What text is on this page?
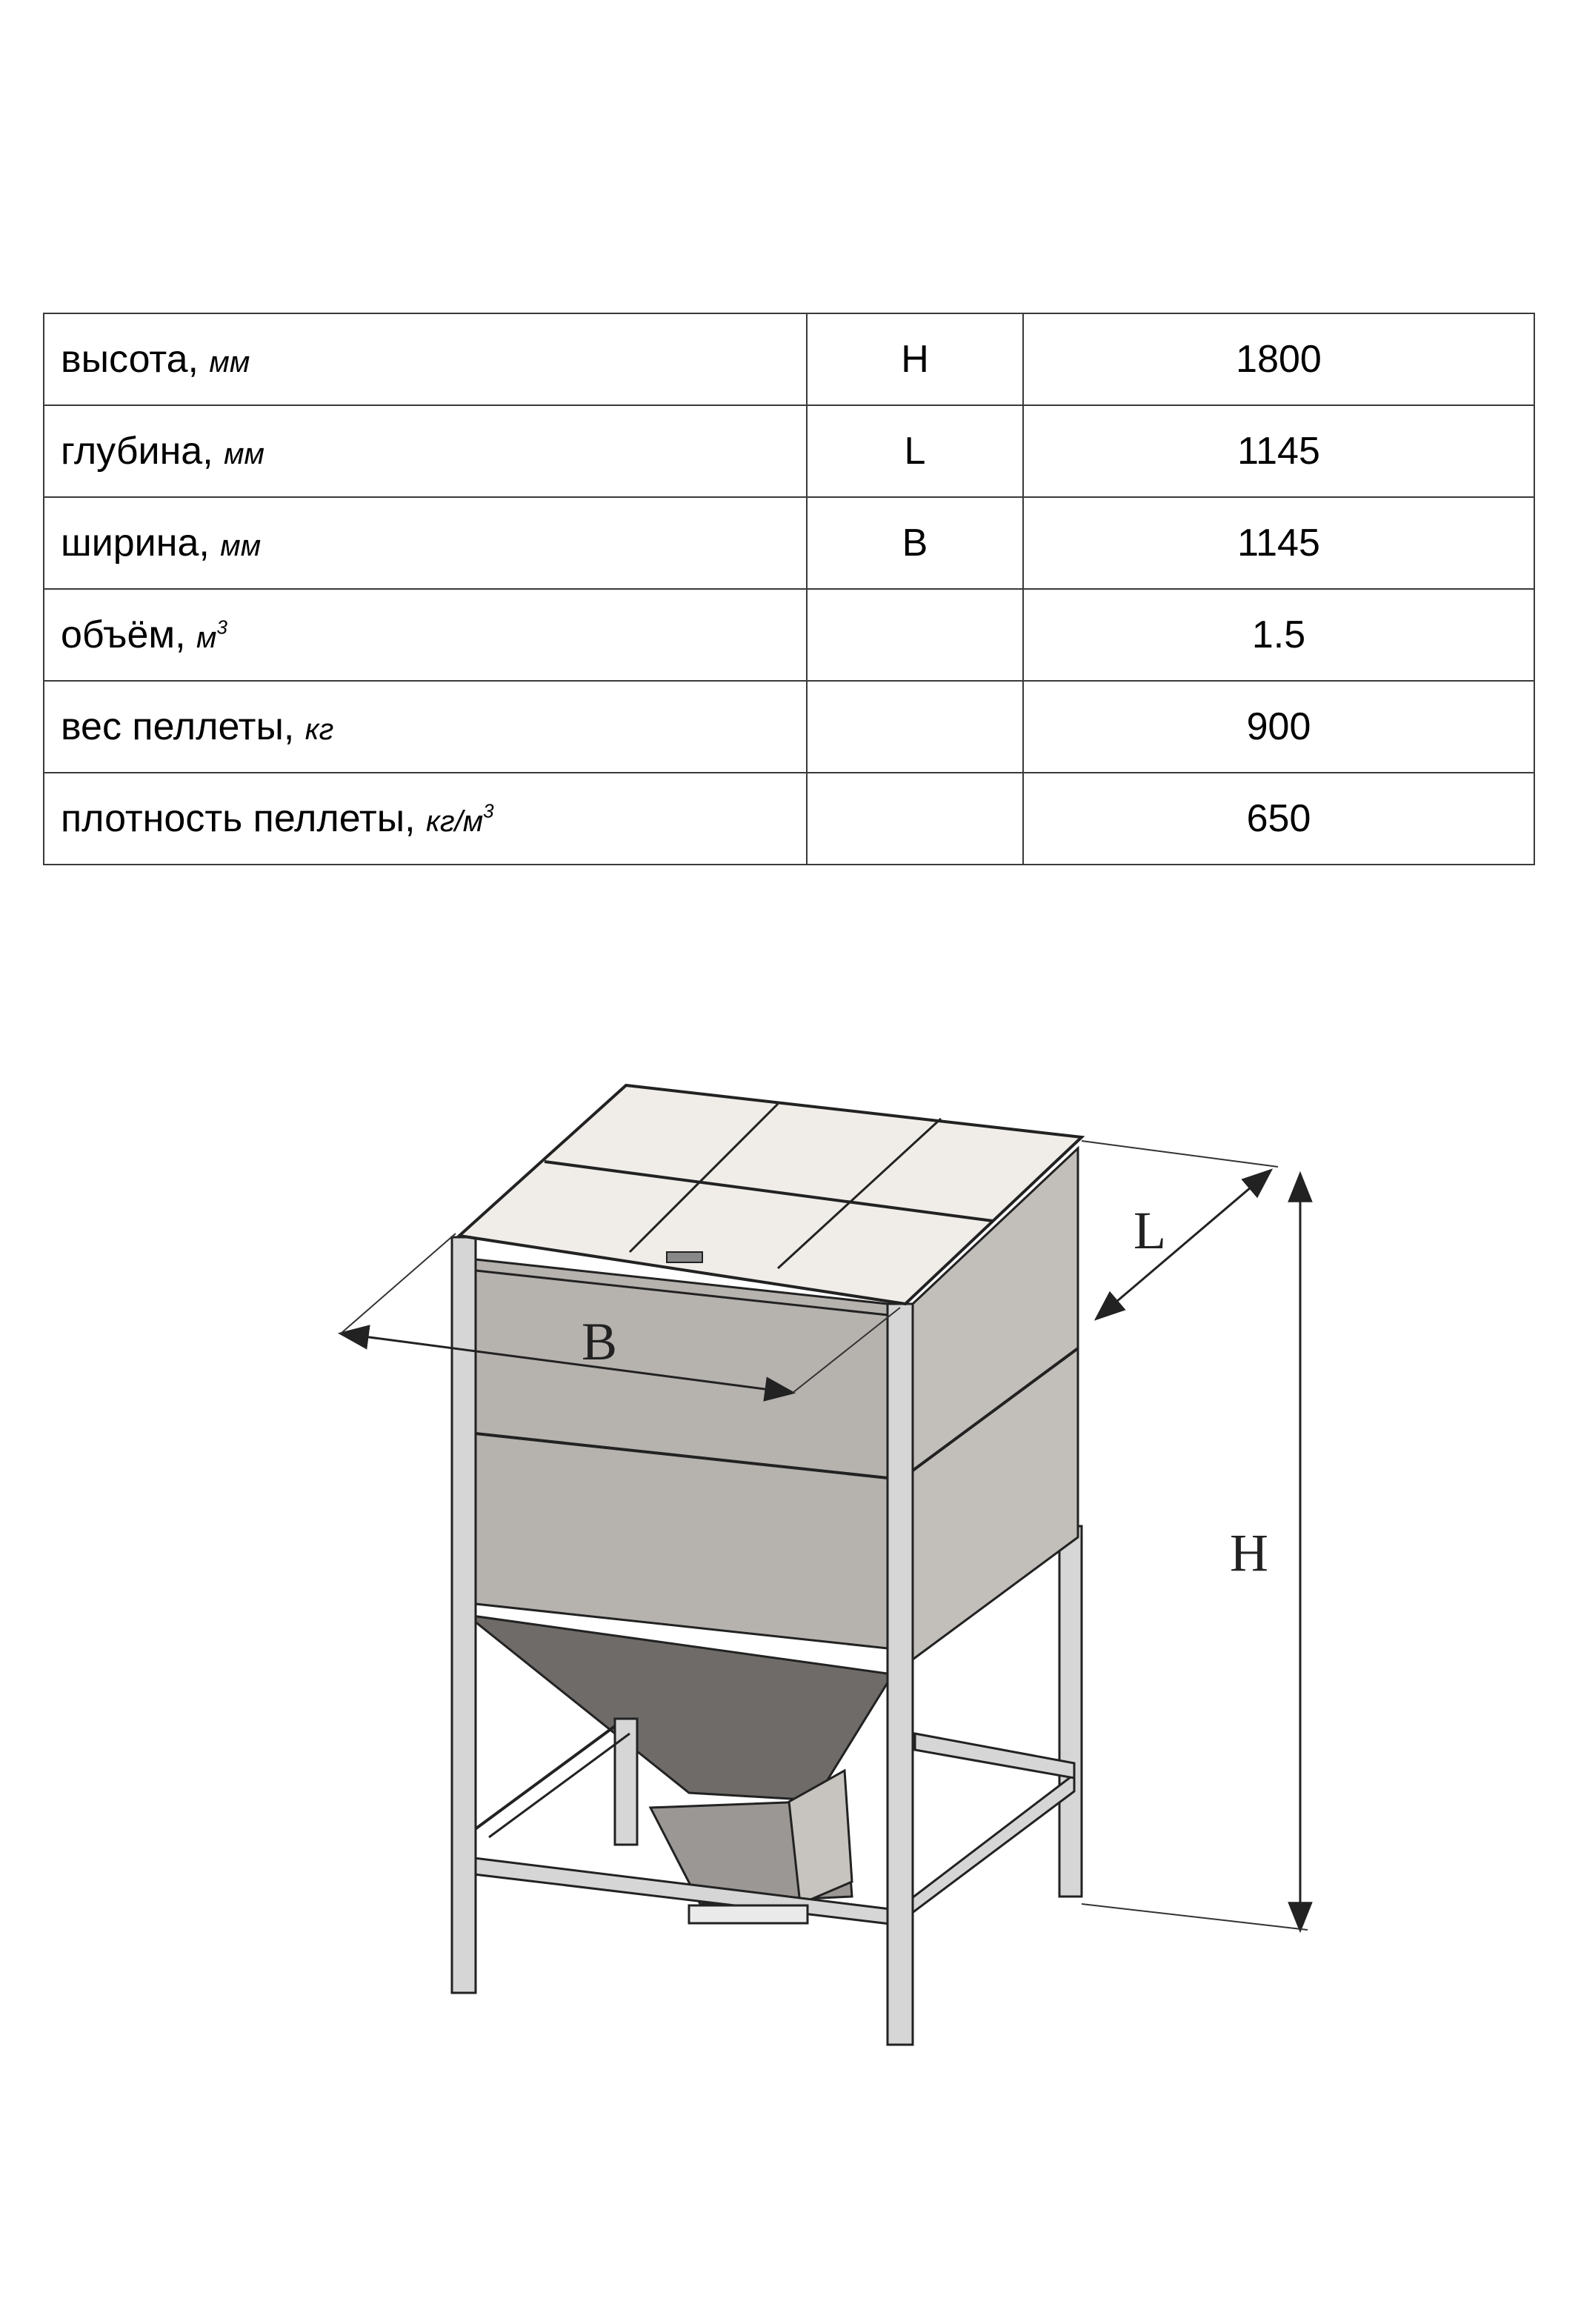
высота, мм	H	1800
глубина, мм	L	1145
ширина, мм	B	1145
объём, $м^3$		1.5
вес пеллеты, кг		900
плотность пеллеты, $кг/м^3$		650
B
L
H
